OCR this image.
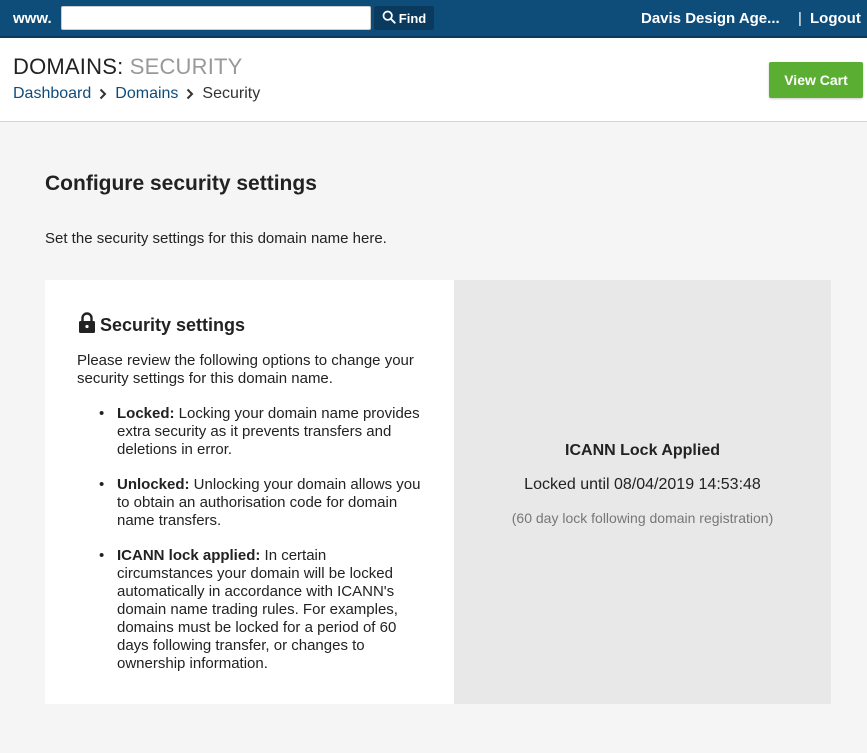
www.	Find	Davis Design Age... | Logout
DOMAINS: SECURITY
Dashboard Domains Security
View Cart
Configure security settings

Set the security settings for this domain name here.

Security settings

Please review the following options to change your security settings for this domain name.

• Locked: Locking your domain name provides extra security as it prevents transfers and deletions in error.
• Unlocked: Unlocking your domain allows you to obtain an authorisation code for domain name transfers.
• ICANN lock applied: In certain circumstances your domain will be locked automatically in accordance with ICANN's domain name trading rules. For examples, domains must be locked for a period of 60 days following transfer, or changes to ownership information.
ICANN Lock Applied
Locked until 08/04/2019 14:53:48
(60 day lock following domain registration)
